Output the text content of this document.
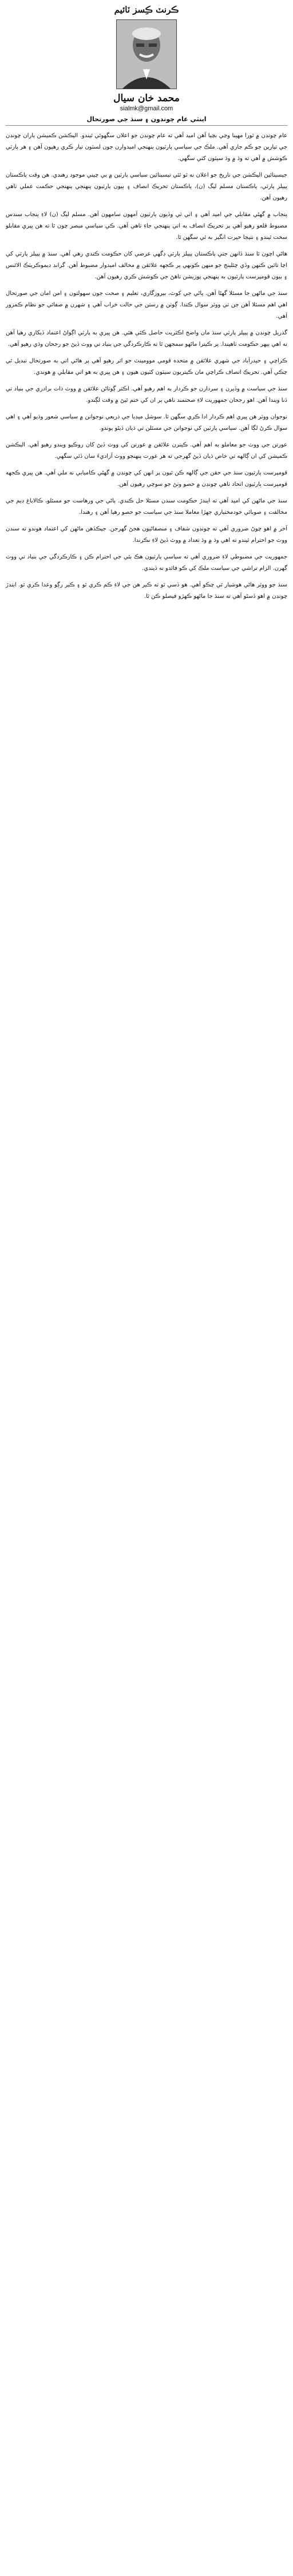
ڪرنٽ ڪِسز ٽائيم
محمد خان سيال
sialmk@gmail.com
اينٽي عام چونڊون ۽ سنڌ جي صورتحال

عام چونڊن ۾ ٿورا مهينا وڃي بچيا آهن اميد آهي ته عام چونڊن جو اعلان سگهوئي ٿيندو. اليڪشن ڪميشن پاران چونڊن جي تيارين جو ڪم جاري آهي. ملڪ جي سياسي پارٽيون پنهنجي اميدوارن جون لسٽون تيار ڪري رهيون آهن ۽ هر پارٽي ڪوشش ۾ آهي ته وڌ ۾ وڌ سيٽون کٽي سگهي.

جيسيتائين اليڪشن جي تاريخ جو اعلان نه ٿو ٿئي تيسيتائين سياسي پارٽين ۾ بي چيني موجود رهندي. هن وقت پاڪستان پيپلز پارٽي، پاڪستان مسلم ليگ (ن)، پاڪستان تحريڪ انصاف ۽ ٻيون پارٽيون پنهنجي پنهنجي حڪمت عملي ٺاهي رهيون آهن.

پنجاب ۾ گهڻي مقابلي جي اميد آهي ۽ اتي ٽي وڏيون پارٽيون آمهون سامهون آهن. مسلم ليگ (ن) لاءِ پنجاب سندس مضبوط قلعو رهيو آهي پر تحريڪ انصاف به اتي پنهنجي جاءِ ٺاهي آهي. ڪي سياسي مبصر چون ٿا ته هن ڀيري مقابلو سخت ٿيندو ۽ نتيجا حيرت انگيز به ٿي سگهن ٿا.

هاڻي اچون ٿا سنڌ ڏانهن جتي پاڪستان پيپلز پارٽي ڊگهي عرصي کان حڪومت ڪندي رهي آهي. سنڌ ۾ پيپلز پارٽي کي اڃا تائين ڪنهن وڏي چئلينج جو منهن ڪونهي پر ڪجهه علائقن ۾ مخالف اميدوار مضبوط آهن. گرانڊ ڊيموڪريٽڪ الائنس ۽ ٻيون قومپرست پارٽيون به پنهنجي پوزيشن ٺاهڻ جي ڪوشش ڪري رهيون آهن.

سنڌ جي ماڻهن جا مسئلا گهڻا آهن. پاڻي جي کوٽ، بيروزگاري، تعليم ۽ صحت جون سهولتون ۽ امن امان جي صورتحال اهي اهم مسئلا آهن جن تي ووٽر سوال ڪندا. ڳوٺن ۾ رستن جي حالت خراب آهي ۽ شهرن ۾ صفائي جو نظام ڪمزور آهي.

گذريل چونڊن ۾ پيپلز پارٽي سنڌ مان واضح اڪثريت حاصل ڪئي هئي. هن ڀيري به پارٽي اڳواڻ اعتماد ڏيکاري رهيا آهن ته اهي ٻيهر حڪومت ٺاهيندا. پر ڪيترا ماڻهو سمجهن ٿا ته ڪارڪردگي جي بنياد تي ووٽ ڏيڻ جو رجحان وڌي رهيو آهي.

ڪراچي ۽ حيدرآباد جي شهري علائقن ۾ متحده قومي موومينٽ جو اثر رهيو آهي پر هاڻي اتي به صورتحال تبديل ٿي چڪي آهي. تحريڪ انصاف ڪراچي مان ڪيتريون سيٽون کٽيون هيون ۽ هن ڀيري به هو اتي مقابلي ۾ هوندي.

سنڌ جي سياست ۾ وڏيرن ۽ سردارن جو ڪردار به اهم رهيو آهي. اڪثر ڳوٺاڻن علائقن ۾ ووٽ ذات برادري جي بنياد تي ڏنا ويندا آهن. اهو رجحان جمهوريت لاءِ صحتمند ناهي پر ان کي ختم ٿيڻ ۾ وقت لڳندو.

نوجوان ووٽر هن ڀيري اهم ڪردار ادا ڪري سگهن ٿا. سوشل ميڊيا جي ذريعي نوجوانن ۾ سياسي شعور وڌيو آهي ۽ اهي سوال ڪرڻ لڳا آهن. سياسي پارٽين کي نوجوانن جي مسئلن تي ڌيان ڏيڻو پوندو.

عورتن جي ووٽ جو معاملو به اهم آهي. ڪيترن علائقن ۾ عورتن کي ووٽ ڏيڻ کان روڪيو ويندو رهيو آهي. اليڪشن ڪميشن کي ان ڳالهه تي خاص ڌيان ڏيڻ گهرجي ته هر عورت پنهنجو ووٽ آزاديءَ سان ڏئي سگهي.

قومپرست پارٽيون سنڌ جي حقن جي ڳالهه ڪن ٿيون پر انهن کي چونڊن ۾ گهڻي ڪاميابي نه ملي آهي. هن ڀيري ڪجهه قومپرست پارٽيون اتحاد ٺاهي چونڊن ۾ حصو وٺڻ جو سوچي رهيون آهن.

سنڌ جي ماڻهن کي اميد آهي ته ايندڙ حڪومت سندن مسئلا حل ڪندي. پاڻي جي ورهاست جو مسئلو، ڪالاباغ ڊيم جي مخالفت ۽ صوبائي خودمختياري جهڙا معاملا سنڌ جي سياست جو حصو رهيا آهن ۽ رهندا.

آخر ۾ اهو چوڻ ضروري آهي ته چونڊون شفاف ۽ منصفاڻيون هجڻ گهرجن. جيڪڏهن ماڻهن کي اعتماد هوندو ته سندن ووٽ جو احترام ٿيندو ته اهي وڌ ۾ وڌ تعداد ۾ ووٽ ڏيڻ لاءِ نڪرندا.

جمهوريت جي مضبوطي لاءِ ضروري آهي ته سياسي پارٽيون هڪ ٻئي جي احترام ڪن ۽ ڪارڪردگي جي بنياد تي ووٽ گهرن. الزام تراشي جي سياست ملڪ کي ڪو فائدو نه ڏيندي.

سنڌ جو ووٽر هاڻي هوشيار ٿي چڪو آهي. هو ڏسي ٿو ته ڪير هن جي لاءِ ڪم ڪري ٿو ۽ ڪير رڳو وعدا ڪري ٿو. ايندڙ چونڊن ۾ اهو ڏسڻو آهي ته سنڌ جا ماڻهو ڪهڙو فيصلو ڪن ٿا.
